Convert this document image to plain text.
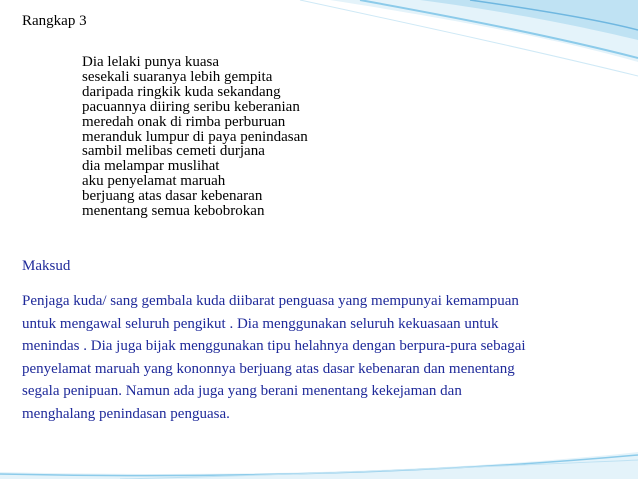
Rangkap 3
Dia lelaki punya kuasa
sesekali suaranya lebih gempita
daripada ringkik kuda sekandang
pacuannya diiring seribu keberanian
meredah onak di rimba perburuan
meranduk lumpur di paya penindasan
sambil melibas cemeti durjana
dia melampar muslihat
aku penyelamat maruah
berjuang atas dasar kebenaran
menentang semua kebobrokan
Maksud
Penjaga kuda/ sang gembala kuda diibarat penguasa yang mempunyai kemampuan
untuk mengawal seluruh pengikut . Dia menggunakan seluruh kekuasaan untuk
menindas . Dia juga bijak menggunakan tipu helahnya dengan berpura-pura sebagai
penyelamat maruah yang kononnya berjuang atas dasar kebenaran dan menentang
segala penipuan. Namun ada juga yang berani menentang kekejaman dan
menghalang penindasan penguasa.
